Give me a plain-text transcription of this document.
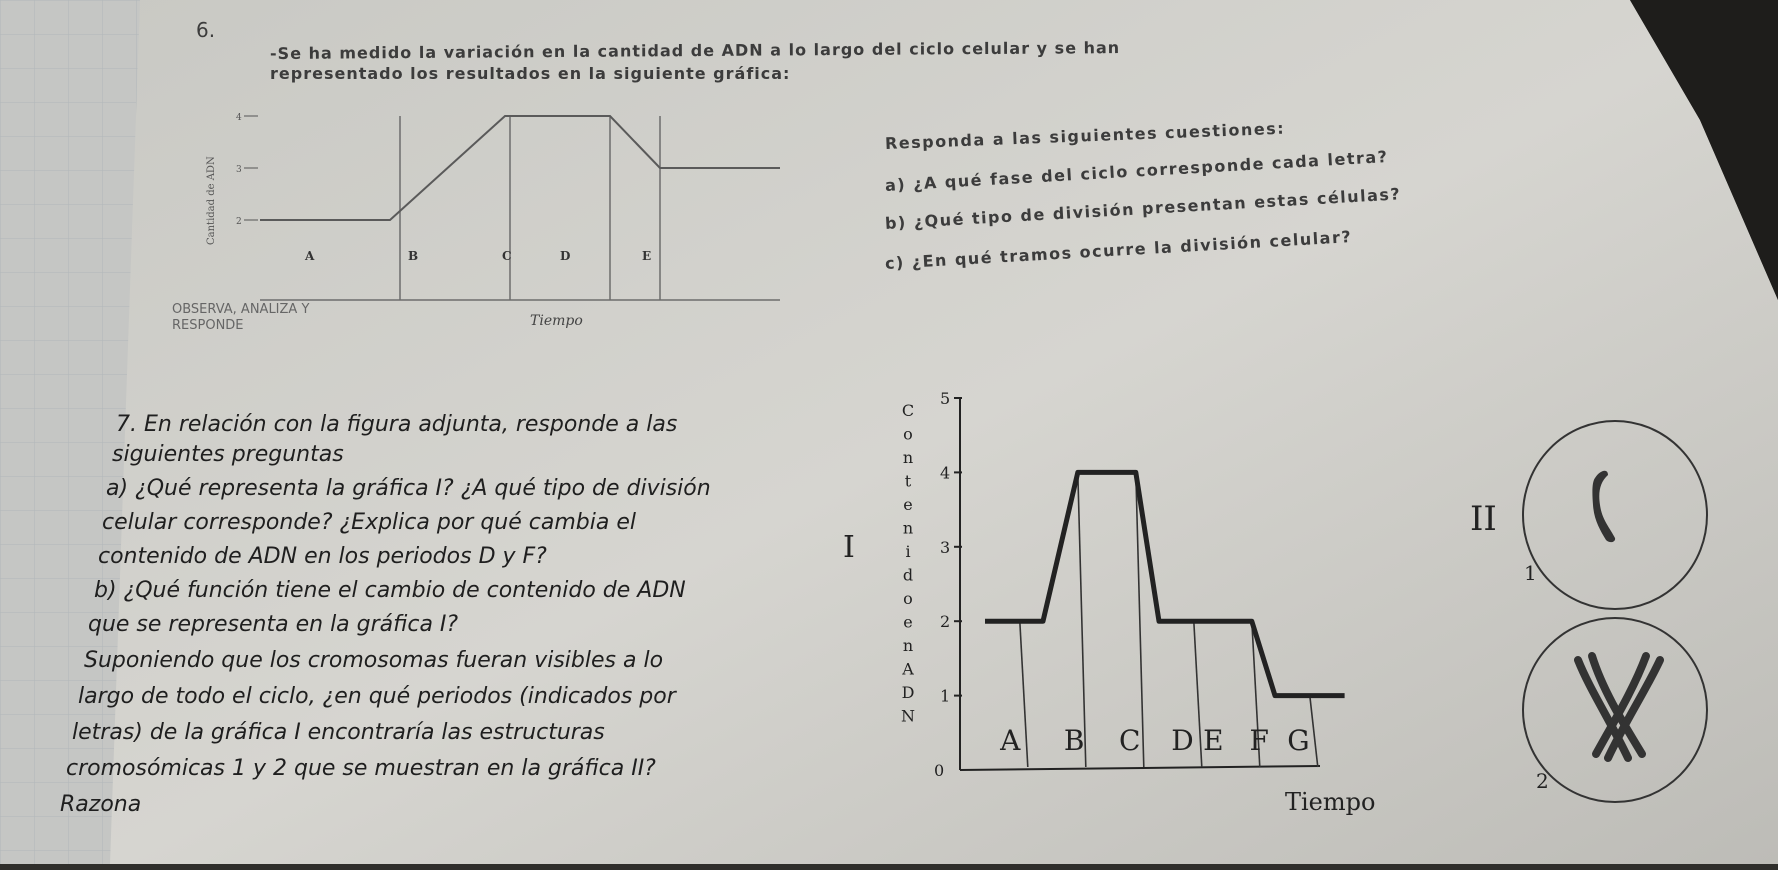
6.
-Se ha medido la variación en la cantidad de ADN a lo largo del ciclo celular y se han
representado los resultados en la siguiente gráfica:
Responda a las siguientes cuestiones:
a) ¿A qué fase del ciclo corresponde cada letra?
b) ¿Qué tipo de división presentan estas células?
c) ¿En qué tramos ocurre la división celular?
OBSERVA, ANALIZA Y
RESPONDE
2
3
4
A	B	C	D	E
Tiempo
Cantidad de ADN
7. En relación con la figura adjunta, responde a las
siguientes preguntas
a) ¿Qué representa la gráfica I? ¿A qué tipo de división
celular corresponde? ¿Explica por qué cambia el
contenido de ADN en los periodos D y F?
b) ¿Qué función tiene el cambio de contenido de ADN
que se representa en la gráfica I?
Suponiendo que los cromosomas fueran visibles a lo
largo de todo el ciclo, ¿en qué periodos (indicados por
letras) de la gráfica I encontraría las estructuras
cromosómicas 1 y 2 que se muestran en la gráfica II?
Razona
I
C
o
n
t
e
n
i
d
o
e
n
A
D
N
0
1
2
3
4
5
A B C D E F G
Tiempo
II
1
2
